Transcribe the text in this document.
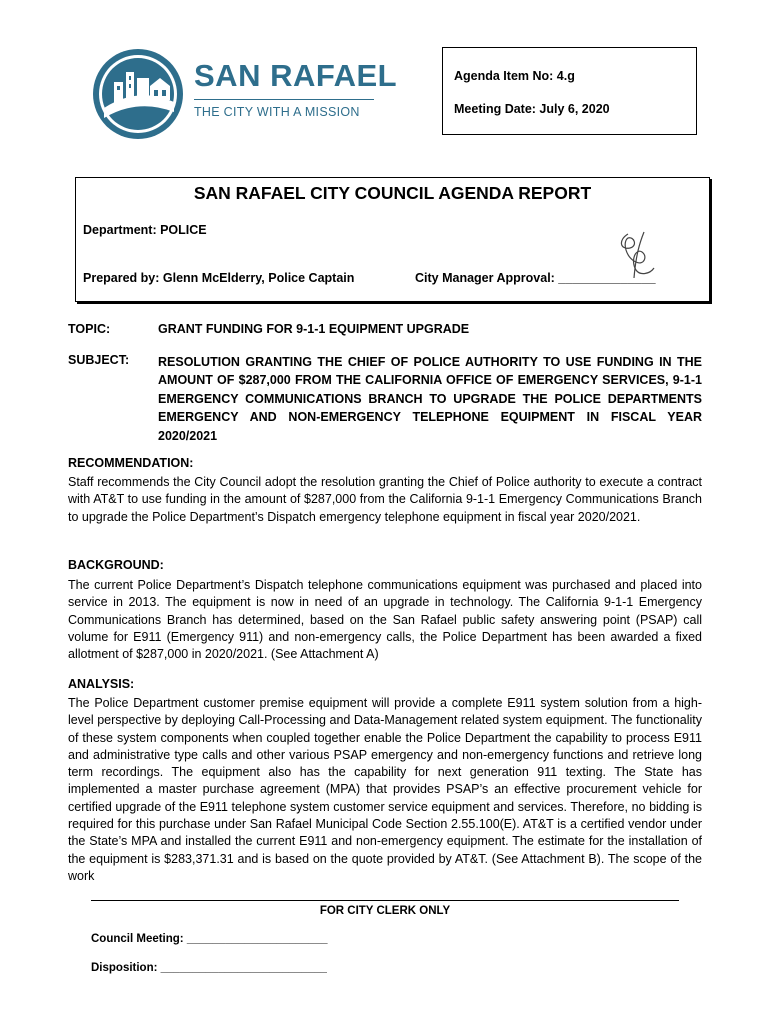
SAN RAFAEL
THE CITY WITH A MISSION
Agenda Item No: 4.g
Meeting Date: July 6, 2020
SAN RAFAEL CITY COUNCIL AGENDA REPORT
Department: POLICE
Prepared by: Glenn McElderry, Police Captain	City Manager Approval: ______________
TOPIC:	GRANT FUNDING FOR 9-1-1 EQUIPMENT UPGRADE
SUBJECT: RESOLUTION GRANTING THE CHIEF OF POLICE AUTHORITY TO USE FUNDING IN THE AMOUNT OF $287,000 FROM THE CALIFORNIA OFFICE OF EMERGENCY SERVICES, 9-1-1 EMERGENCY COMMUNICATIONS BRANCH TO UPGRADE THE POLICE DEPARTMENTS EMERGENCY AND NON-EMERGENCY TELEPHONE EQUIPMENT IN FISCAL YEAR 2020/2021
RECOMMENDATION:
Staff recommends the City Council adopt the resolution granting the Chief of Police authority to execute a contract with AT&T to use funding in the amount of $287,000 from the California 9-1-1 Emergency Communications Branch to upgrade the Police Department’s Dispatch emergency telephone equipment in fiscal year 2020/2021.
BACKGROUND:
The current Police Department’s Dispatch telephone communications equipment was purchased and placed into service in 2013. The equipment is now in need of an upgrade in technology. The California 9-1-1 Emergency Communications Branch has determined, based on the San Rafael public safety answering point (PSAP) call volume for E911 (Emergency 911) and non-emergency calls, the Police Department has been awarded a fixed allotment of $287,000 in 2020/2021. (See Attachment A)
ANALYSIS:
The Police Department customer premise equipment will provide a complete E911 system solution from a high-level perspective by deploying Call-Processing and Data-Management related system equipment. The functionality of these system components when coupled together enable the Police Department the capability to process E911 and administrative type calls and other various PSAP emergency and non-emergency functions and retrieve long term recordings. The equipment also has the capability for next generation 911 texting. The State has implemented a master purchase agreement (MPA) that provides PSAP’s an effective procurement vehicle for certified upgrade of the E911 telephone system customer service equipment and services. Therefore, no bidding is required for this purchase under San Rafael Municipal Code Section 2.55.100(E). AT&T is a certified vendor under the State’s MPA and installed the current E911 and non-emergency equipment. The estimate for the installation of the equipment is $283,371.31 and is based on the quote provided by AT&T. (See Attachment B). The scope of the work
FOR CITY CLERK ONLY
Council Meeting: ______________________
Disposition: __________________________
